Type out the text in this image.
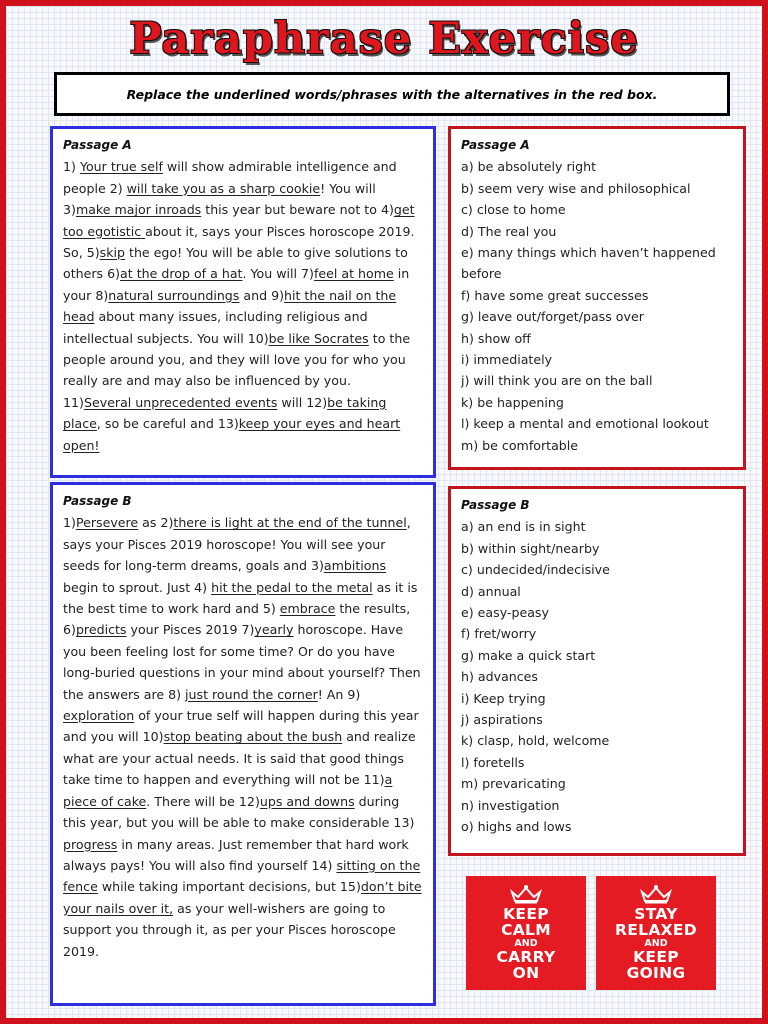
Paraphrase Exercise
Replace the underlined words/phrases with the alternatives in the red box.
Passage A
1) Your true self will show admirable intelligence and people 2) will take you as a sharp cookie! You will 3)make major inroads this year but beware not to 4)get too egotistic about it, says your Pisces horoscope 2019. So, 5)skip the ego! You will be able to give solutions to others 6)at the drop of a hat. You will 7)feel at home in your 8)natural surroundings and 9)hit the nail on the head about many issues, including religious and intellectual subjects. You will 10)be like Socrates to the people around you, and they will love you for who you really are and may also be influenced by you. 11)Several unprecedented events will 12)be taking place, so be careful and 13)keep your eyes and heart open!
Passage A
a) be absolutely right
b) seem very wise and philosophical
c) close to home
d) The real you
e) many things which haven’t happened before
f) have some great successes
g) leave out/forget/pass over
h) show off
i) immediately
j) will think you are on the ball
k) be happening
l) keep a mental and emotional lookout
m) be comfortable
Passage B
1)Persevere as 2)there is light at the end of the tunnel, says your Pisces 2019 horoscope! You will see your seeds for long-term dreams, goals and 3)ambitions begin to sprout. Just 4) hit the pedal to the metal as it is the best time to work hard and 5) embrace the results, 6)predicts your Pisces 2019 7)yearly horoscope. Have you been feeling lost for some time? Or do you have long-buried questions in your mind about yourself? Then the answers are 8) just round the corner! An 9) exploration of your true self will happen during this year and you will 10)stop beating about the bush and realize what are your actual needs. It is said that good things take time to happen and everything will not be 11)a piece of cake. There will be 12)ups and downs during this year, but you will be able to make considerable 13) progress in many areas. Just remember that hard work always pays! You will also find yourself 14) sitting on the fence while taking important decisions, but 15)don’t bite your nails over it, as your well-wishers are going to support you through it, as per your Pisces horoscope 2019.
Passage B
a) an end is in sight
b) within sight/nearby
c) undecided/indecisive
d) annual
e) easy-peasy
f) fret/worry
g) make a quick start
h) advances
i) Keep trying
j) aspirations
k) clasp, hold, welcome
l) foretells
m) prevaricating
n) investigation
o) highs and lows
KEEP
CALM
AND
CARRY
ON
STAY
RELAXED
AND
KEEP
GOING
